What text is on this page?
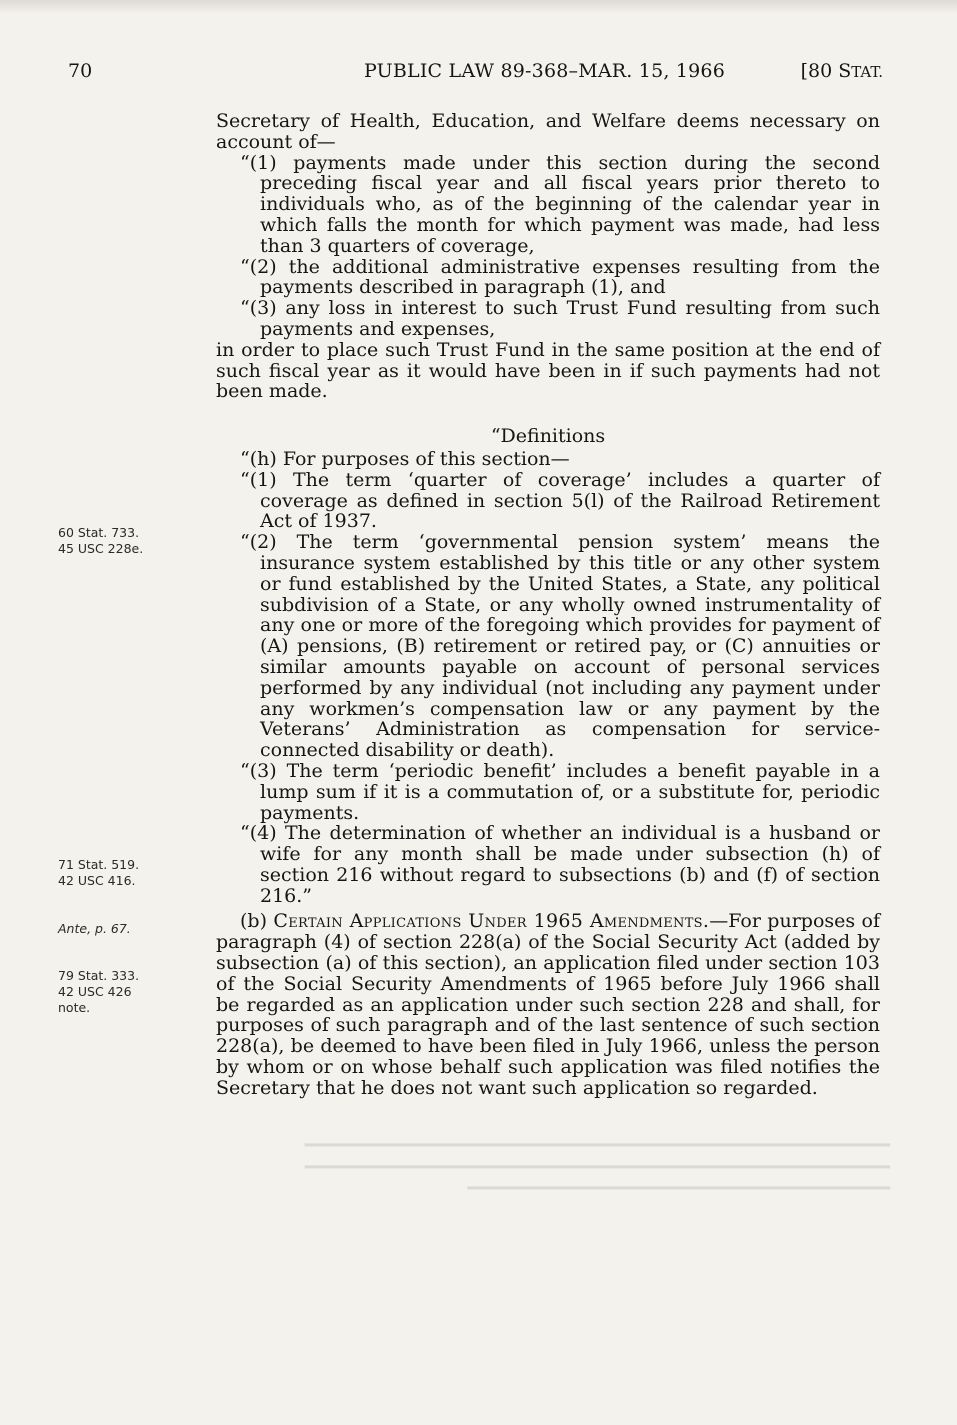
━━━━━━━━━━━━━━━━━━━━━━━━━━━━━━━━━━━━━━━━━━━━━━━━━━━━━━
━━━━━━━━━━━━━━━━━━━━━━━━━━━━━━━━━━━━━━━━━━━━━━━━━━━━━━
━━━━━━━━━━━━━━━━━━━━━━━━━━━━━━━━━━━━━━━
70	PUBLIC LAW 89-368–MAR. 15, 1966	[80 STAT.

Secretary of Health, Education, and Welfare deems necessary on account of—

“(1) payments made under this section during the second preceding fiscal year and all fiscal years prior thereto to individuals who, as of the beginning of the calendar year in which falls the month for which payment was made, had less than 3 quarters of coverage,

“(2) the additional administrative expenses resulting from the payments described in paragraph (1), and

“(3) any loss in interest to such Trust Fund resulting from such payments and expenses,

in order to place such Trust Fund in the same position at the end of such fiscal year as it would have been in if such payments had not been made.

“Definitions

“(h) For purposes of this section—

“(1) The term ‘quarter of coverage’ includes a quarter of coverage as defined in section 5(l) of the Railroad Retirement Act of 1937.

“(2) The term ‘governmental pension system’ means the insurance system established by this title or any other system or fund established by the United States, a State, any political subdivision of a State, or any wholly owned instrumentality of any one or more of the foregoing which provides for payment of (A) pensions, (B) retirement or retired pay, or (C) annuities or similar amounts payable on account of personal services performed by any individual (not including any payment under any workmen’s compensation law or any payment by the Veterans’ Administration as compensation for service-connected disability or death).

“(3) The term ‘periodic benefit’ includes a benefit payable in a lump sum if it is a commutation of, or a substitute for, periodic payments.

“(4) The determination of whether an individual is a husband or wife for any month shall be made under subsection (h) of section 216 without regard to subsections (b) and (f) of section 216.”

(b) Certain Applications Under 1965 Amendments.—For purposes of paragraph (4) of section 228(a) of the Social Security Act (added by subsection (a) of this section), an application filed under section 103 of the Social Security Amendments of 1965 before July 1966 shall be regarded as an application under such section 228 and shall, for purposes of such paragraph and of the last sentence of such section 228(a), be deemed to have been filed in July 1966, unless the person by whom or on whose behalf such application was filed notifies the Secretary that he does not want such application so regarded.

60 Stat. 733.
45 USC 228e.
71 Stat. 519.
42 USC 416.
Ante, p. 67.
79 Stat. 333.
42 USC 426
note.
